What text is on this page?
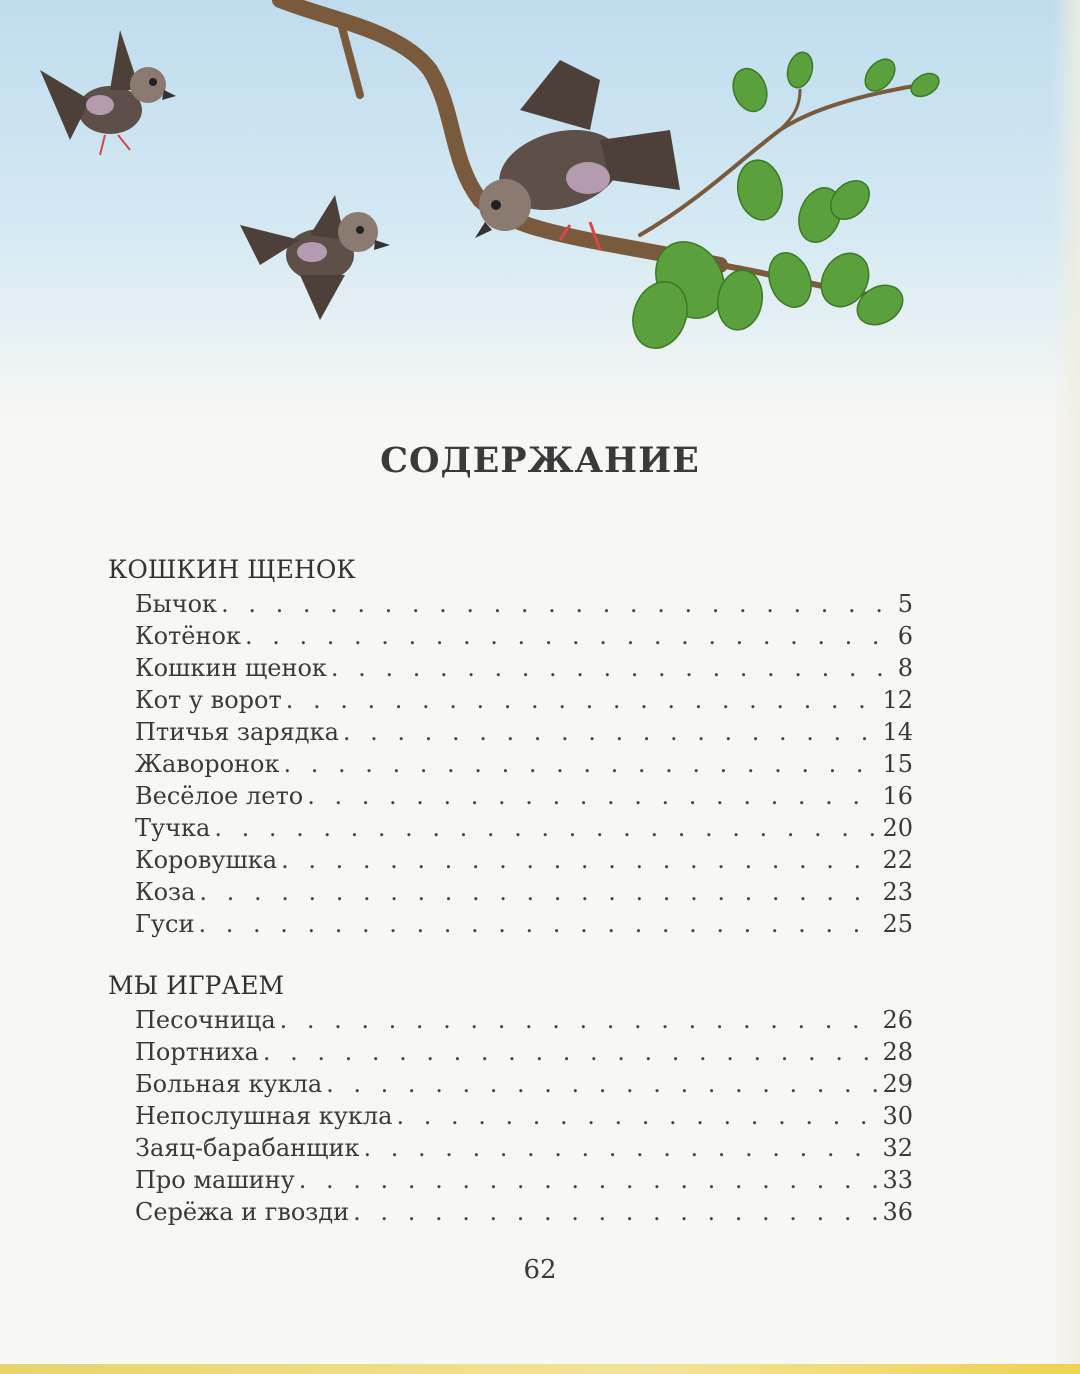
СОДЕРЖАНИЕ
КОШКИН ЩЕНОК
Бычок . . .	5
Котёнок . . .	6
Кошкин щенок . . .	8
Кот у ворот . . .	12
Птичья зарядка . . .	14
Жаворонок . . .	15
Весёлое лето . . .	16
Тучка . . .	20
Коровушка . . .	22
Коза . . .	23
Гуси . . .	25
МЫ ИГРАЕМ
Песочница . . .	26
Портниха . . .	28
Больная кукла . . .	29
Непослушная кукла . . .	30
Заяц-барабанщик . . .	32
Про машину . . .	33
Серёжа и гвозди . . .	36
62
